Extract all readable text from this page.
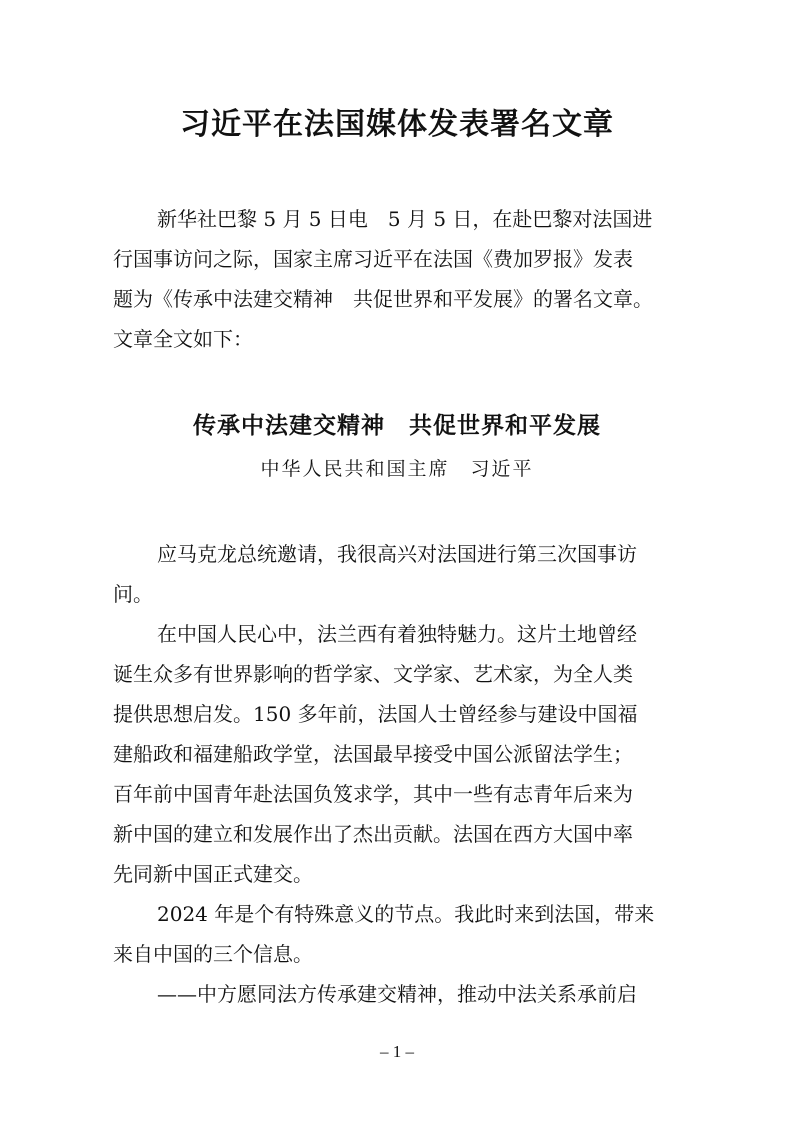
习近平在法国媒体发表署名文章
新华社巴黎 5 月 5 日电　5 月 5 日，在赴巴黎对法国进
行国事访问之际，国家主席习近平在法国《费加罗报》发表
题为《传承中法建交精神　共促世界和平发展》的署名文章。
文章全文如下：
传承中法建交精神　共促世界和平发展
中华人民共和国主席　习近平
应马克龙总统邀请，我很高兴对法国进行第三次国事访
问。
在中国人民心中，法兰西有着独特魅力。这片土地曾经
诞生众多有世界影响的哲学家、文学家、艺术家，为全人类
提供思想启发。150 多年前，法国人士曾经参与建设中国福
建船政和福建船政学堂，法国最早接受中国公派留法学生；
百年前中国青年赴法国负笈求学，其中一些有志青年后来为
新中国的建立和发展作出了杰出贡献。法国在西方大国中率
先同新中国正式建交。
2024 年是个有特殊意义的节点。我此时来到法国，带来
来自中国的三个信息。
——中方愿同法方传承建交精神，推动中法关系承前启
– 1 –
